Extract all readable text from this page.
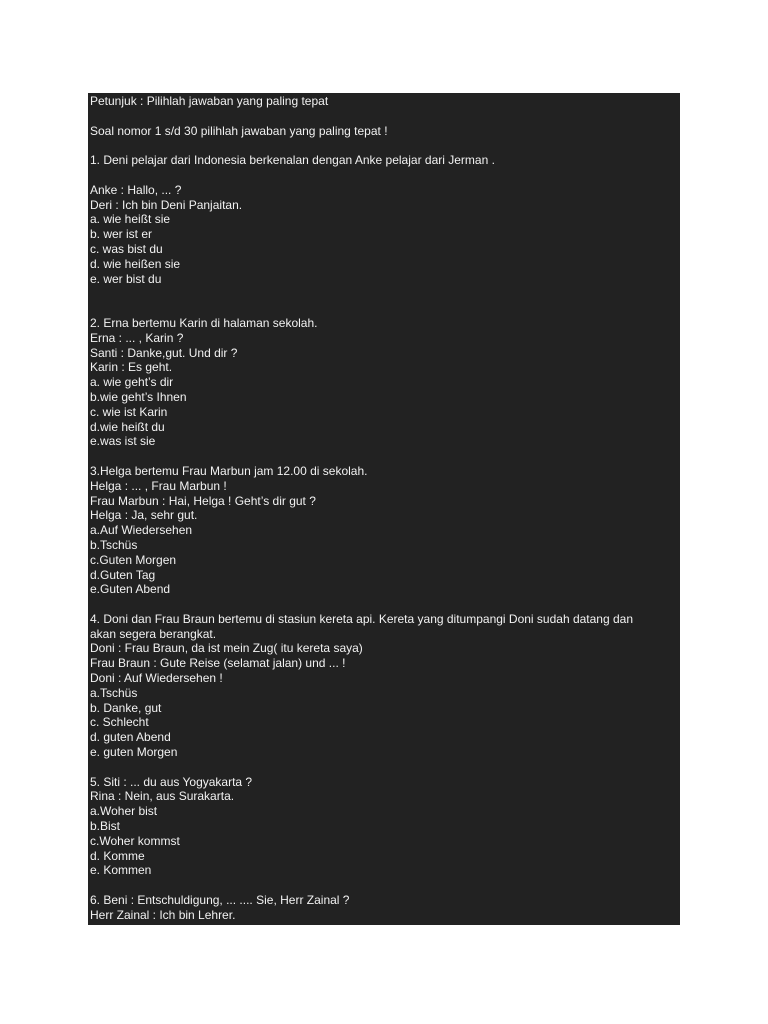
Petunjuk : Pilihlah jawaban yang paling tepat
Soal nomor 1 s/d 30 pilihlah jawaban yang paling tepat !
1. Deni pelajar dari Indonesia berkenalan dengan Anke pelajar dari Jerman .
Anke : Hallo, ... ?
Deri : Ich bin Deni Panjaitan.
a. wie heißt sie
b. wer ist er
c. was bist du
d. wie heißen sie
e. wer bist du
2. Erna bertemu Karin di halaman sekolah.
Erna : ... , Karin ?
Santi : Danke,gut. Und dir ?
Karin : Es geht.
a. wie geht’s dir
b.wie geht’s Ihnen
c. wie ist Karin
d.wie heißt du
e.was ist sie
3.Helga bertemu Frau Marbun jam 12.00 di sekolah.
Helga : ... , Frau Marbun !
Frau Marbun : Hai, Helga ! Geht’s dir gut ?
Helga : Ja, sehr gut.
a.Auf Wiedersehen
b.Tschüs
c.Guten Morgen
d.Guten Tag
e.Guten Abend
4. Doni dan Frau Braun bertemu di stasiun kereta api. Kereta yang ditumpangi Doni sudah datang dan
akan segera berangkat.
Doni : Frau Braun, da ist mein Zug( itu kereta saya)
Frau Braun : Gute Reise (selamat jalan) und ... !
Doni : Auf Wiedersehen !
a.Tschüs
b. Danke, gut
c. Schlecht
d. guten Abend
e. guten Morgen
5. Siti : ... du aus Yogyakarta ?
Rina : Nein, aus Surakarta.
a.Woher bist
b.Bist
c.Woher kommst
d. Komme
e. Kommen
6. Beni : Entschuldigung, ... .... Sie, Herr Zainal ?
Herr Zainal : Ich bin Lehrer.
